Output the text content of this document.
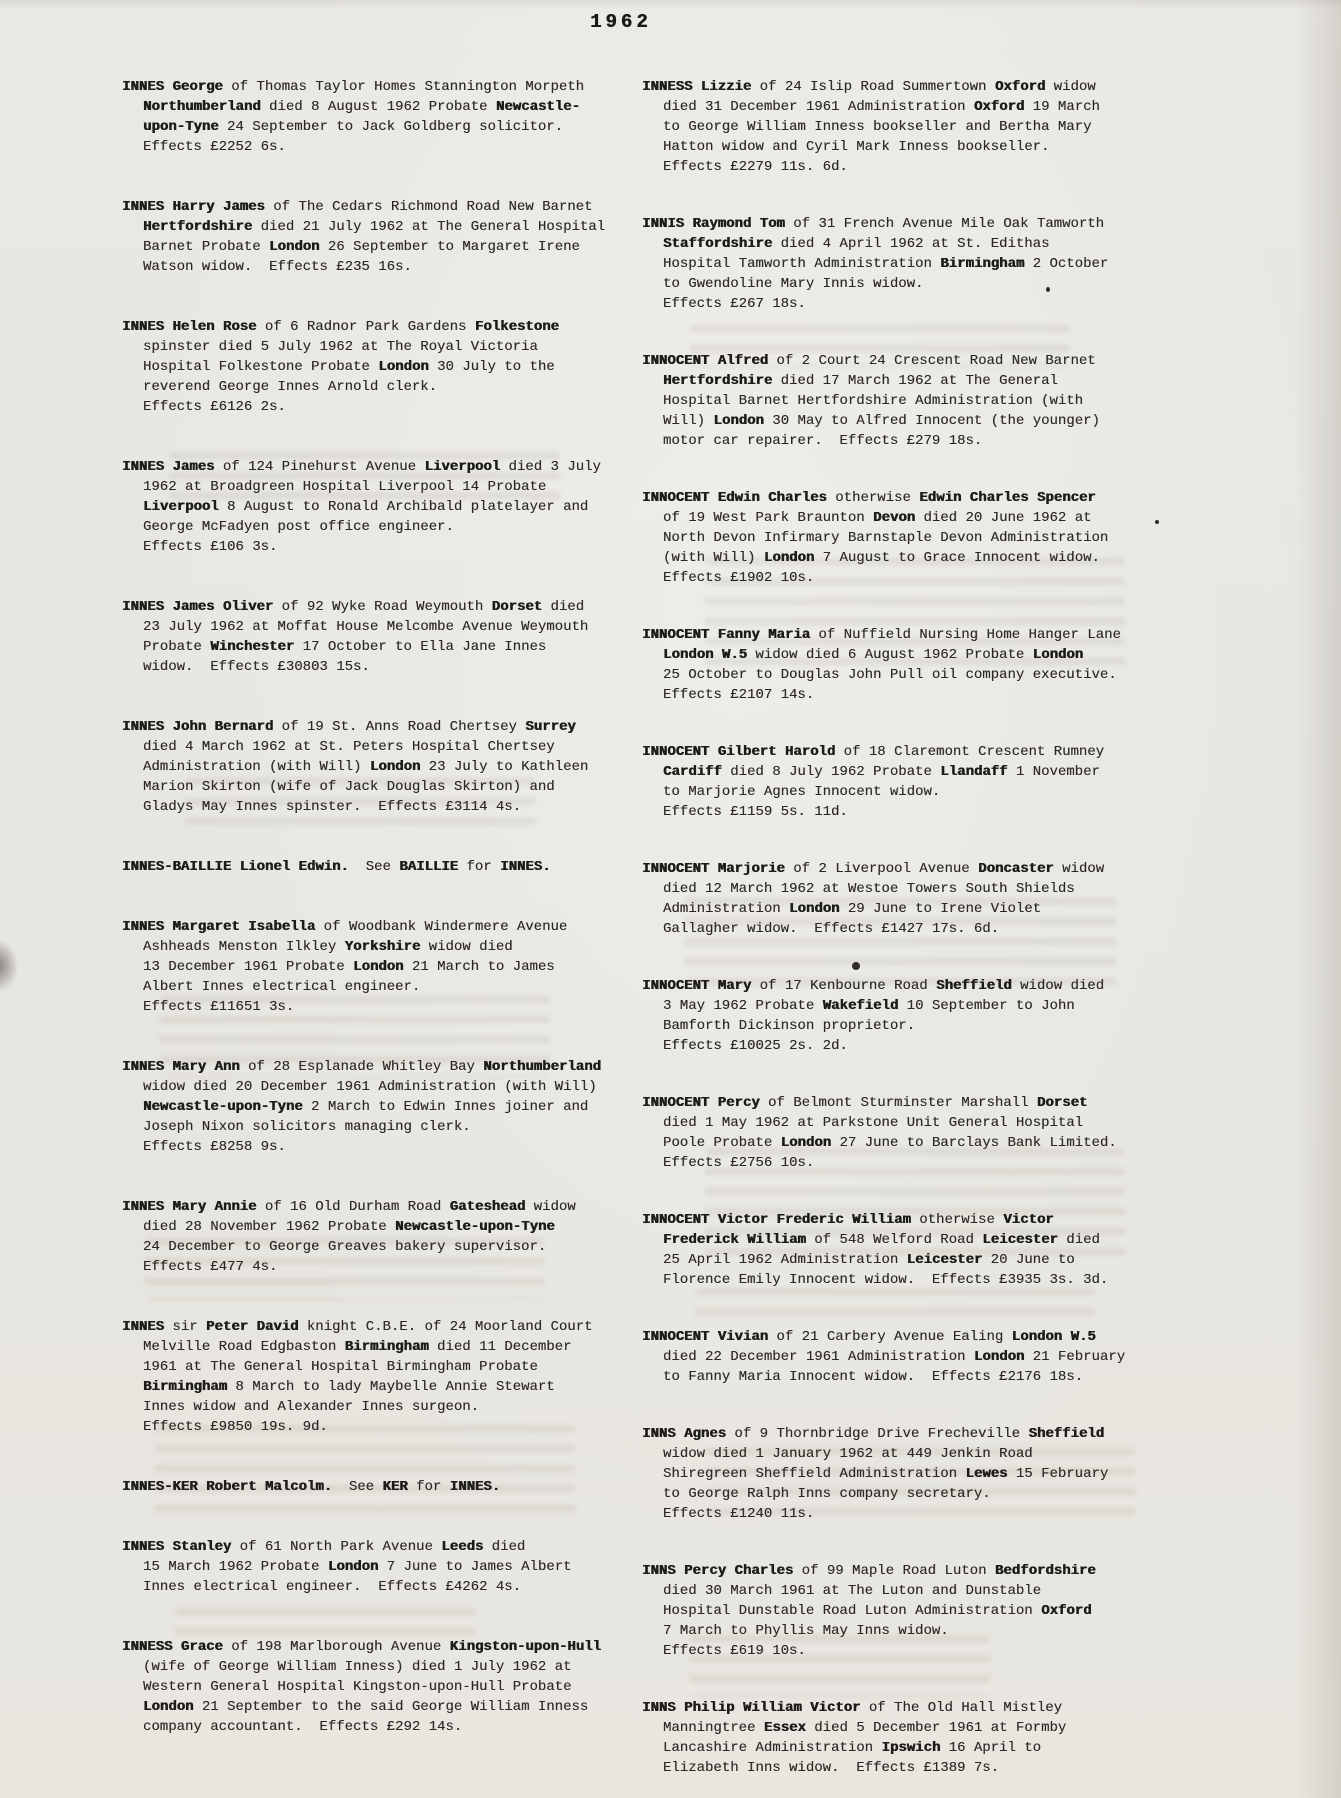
1962
INNES George of Thomas Taylor Homes Stannington Morpeth
Northumberland died 8 August 1962 Probate Newcastle-
upon-Tyne 24 September to Jack Goldberg solicitor.
Effects £2252 6s.
INNES Harry James of The Cedars Richmond Road New Barnet
Hertfordshire died 21 July 1962 at The General Hospital
Barnet Probate London 26 September to Margaret Irene
Watson widow.  Effects £235 16s.
INNES Helen Rose of 6 Radnor Park Gardens Folkestone
spinster died 5 July 1962 at The Royal Victoria
Hospital Folkestone Probate London 30 July to the
reverend George Innes Arnold clerk.
Effects £6126 2s.
INNES James of 124 Pinehurst Avenue Liverpool died 3 July
1962 at Broadgreen Hospital Liverpool 14 Probate
Liverpool 8 August to Ronald Archibald platelayer and
George McFadyen post office engineer.
Effects £106 3s.
INNES James Oliver of 92 Wyke Road Weymouth Dorset died
23 July 1962 at Moffat House Melcombe Avenue Weymouth
Probate Winchester 17 October to Ella Jane Innes
widow.  Effects £30803 15s.
INNES John Bernard of 19 St. Anns Road Chertsey Surrey
died 4 March 1962 at St. Peters Hospital Chertsey
Administration (with Will) London 23 July to Kathleen
Marion Skirton (wife of Jack Douglas Skirton) and
Gladys May Innes spinster.  Effects £3114 4s.
INNES-BAILLIE Lionel Edwin.  See BAILLIE for INNES.
INNES Margaret Isabella of Woodbank Windermere Avenue
Ashheads Menston Ilkley Yorkshire widow died
13 December 1961 Probate London 21 March to James
Albert Innes electrical engineer.
Effects £11651 3s.
INNES Mary Ann of 28 Esplanade Whitley Bay Northumberland
widow died 20 December 1961 Administration (with Will)
Newcastle-upon-Tyne 2 March to Edwin Innes joiner and
Joseph Nixon solicitors managing clerk.
Effects £8258 9s.
INNES Mary Annie of 16 Old Durham Road Gateshead widow
died 28 November 1962 Probate Newcastle-upon-Tyne
24 December to George Greaves bakery supervisor.
Effects £477 4s.
INNES sir Peter David knight C.B.E. of 24 Moorland Court
Melville Road Edgbaston Birmingham died 11 December
1961 at The General Hospital Birmingham Probate
Birmingham 8 March to lady Maybelle Annie Stewart
Innes widow and Alexander Innes surgeon.
Effects £9850 19s. 9d.
INNES-KER Robert Malcolm.  See KER for INNES.
INNES Stanley of 61 North Park Avenue Leeds died
15 March 1962 Probate London 7 June to James Albert
Innes electrical engineer.  Effects £4262 4s.
INNESS Grace of 198 Marlborough Avenue Kingston-upon-Hull
(wife of George William Inness) died 1 July 1962 at
Western General Hospital Kingston-upon-Hull Probate
London 21 September to the said George William Inness
company accountant.  Effects £292 14s.
INNESS Lizzie of 24 Islip Road Summertown Oxford widow
died 31 December 1961 Administration Oxford 19 March
to George William Inness bookseller and Bertha Mary
Hatton widow and Cyril Mark Inness bookseller.
Effects £2279 11s. 6d.
INNIS Raymond Tom of 31 French Avenue Mile Oak Tamworth
Staffordshire died 4 April 1962 at St. Edithas
Hospital Tamworth Administration Birmingham 2 October
to Gwendoline Mary Innis widow.
Effects £267 18s.
INNOCENT Alfred of 2 Court 24 Crescent Road New Barnet
Hertfordshire died 17 March 1962 at The General
Hospital Barnet Hertfordshire Administration (with
Will) London 30 May to Alfred Innocent (the younger)
motor car repairer.  Effects £279 18s.
INNOCENT Edwin Charles otherwise Edwin Charles Spencer
of 19 West Park Braunton Devon died 20 June 1962 at
North Devon Infirmary Barnstaple Devon Administration
(with Will) London 7 August to Grace Innocent widow.
Effects £1902 10s.
INNOCENT Fanny Maria of Nuffield Nursing Home Hanger Lane
London W.5 widow died 6 August 1962 Probate London
25 October to Douglas John Pull oil company executive.
Effects £2107 14s.
INNOCENT Gilbert Harold of 18 Claremont Crescent Rumney
Cardiff died 8 July 1962 Probate Llandaff 1 November
to Marjorie Agnes Innocent widow.
Effects £1159 5s. 11d.
INNOCENT Marjorie of 2 Liverpool Avenue Doncaster widow
died 12 March 1962 at Westoe Towers South Shields
Administration London 29 June to Irene Violet
Gallagher widow.  Effects £1427 17s. 6d.
INNOCENT Mary of 17 Kenbourne Road Sheffield widow died
3 May 1962 Probate Wakefield 10 September to John
Bamforth Dickinson proprietor.
Effects £10025 2s. 2d.
INNOCENT Percy of Belmont Sturminster Marshall Dorset
died 1 May 1962 at Parkstone Unit General Hospital
Poole Probate London 27 June to Barclays Bank Limited.
Effects £2756 10s.
INNOCENT Victor Frederic William otherwise Victor
Frederick William of 548 Welford Road Leicester died
25 April 1962 Administration Leicester 20 June to
Florence Emily Innocent widow.  Effects £3935 3s. 3d.
INNOCENT Vivian of 21 Carbery Avenue Ealing London W.5
died 22 December 1961 Administration London 21 February
to Fanny Maria Innocent widow.  Effects £2176 18s.
INNS Agnes of 9 Thornbridge Drive Frecheville Sheffield
widow died 1 January 1962 at 449 Jenkin Road
Shiregreen Sheffield Administration Lewes 15 February
to George Ralph Inns company secretary.
Effects £1240 11s.
INNS Percy Charles of 99 Maple Road Luton Bedfordshire
died 30 March 1961 at The Luton and Dunstable
Hospital Dunstable Road Luton Administration Oxford
7 March to Phyllis May Inns widow.
Effects £619 10s.
INNS Philip William Victor of The Old Hall Mistley
Manningtree Essex died 5 December 1961 at Formby
Lancashire Administration Ipswich 16 April to
Elizabeth Inns widow.  Effects £1389 7s.
